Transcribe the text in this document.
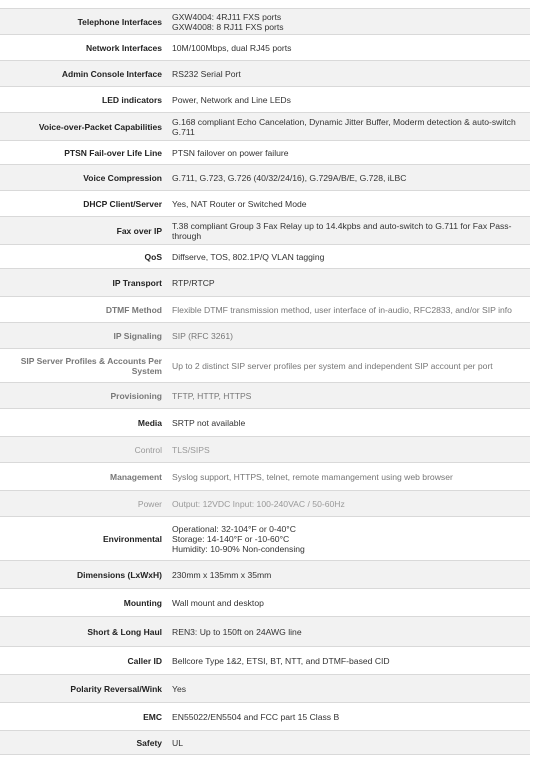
Telephone Interfaces	GXW4004: 4RJ11 FXS ports
GXW4008: 8 RJ11 FXS ports

Network Interfaces	10M/100Mbps, dual RJ45 ports

Admin Console Interface	RS232 Serial Port

LED indicators	Power, Network and Line LEDs

Voice-over-Packet Capabilities	G.168 compliant Echo Cancelation, Dynamic Jitter Buffer, Moderm detection & auto-switch G.711

PTSN Fail-over Life Line	PTSN failover on power failure

Voice Compression	G.711, G.723, G.726 (40/32/24/16), G.729A/B/E, G.728, iLBC

DHCP Client/Server	Yes, NAT Router or Switched Mode

Fax over IP	T.38 compliant Group 3 Fax Relay up to 14.4kpbs and auto-switch to G.711 for Fax Pass-through

QoS	Diffserve, TOS, 802.1P/Q VLAN tagging

IP Transport	RTP/RTCP

DTMF Method	Flexible DTMF transmission method, user interface of in-audio, RFC2833, and/or SIP info

IP Signaling	SIP (RFC 3261)

SIP Server Profiles & Accounts Per System	Up to 2 distinct SIP server profiles per system and independent SIP account per port

Provisioning	TFTP, HTTP, HTTPS

Media	SRTP not available

Control	TLS/SIPS

Management	Syslog support, HTTPS, telnet, remote mamangement using web browser

Power	Output: 12VDC Input: 100-240VAC / 50-60Hz

Environmental	Operational: 32-104°F or 0-40°C
Storage: 14-140°F or -10-60°C
Humidity: 10-90% Non-condensing

Dimensions (LxWxH)	230mm x 135mm x 35mm

Mounting	Wall mount and desktop

Short & Long Haul	REN3: Up to 150ft on 24AWG line

Caller ID	Bellcore Type 1&2, ETSI, BT, NTT, and DTMF-based CID

Polarity Reversal/Wink	Yes

EMC	EN55022/EN5504 and FCC part 15 Class B

Safety	UL
